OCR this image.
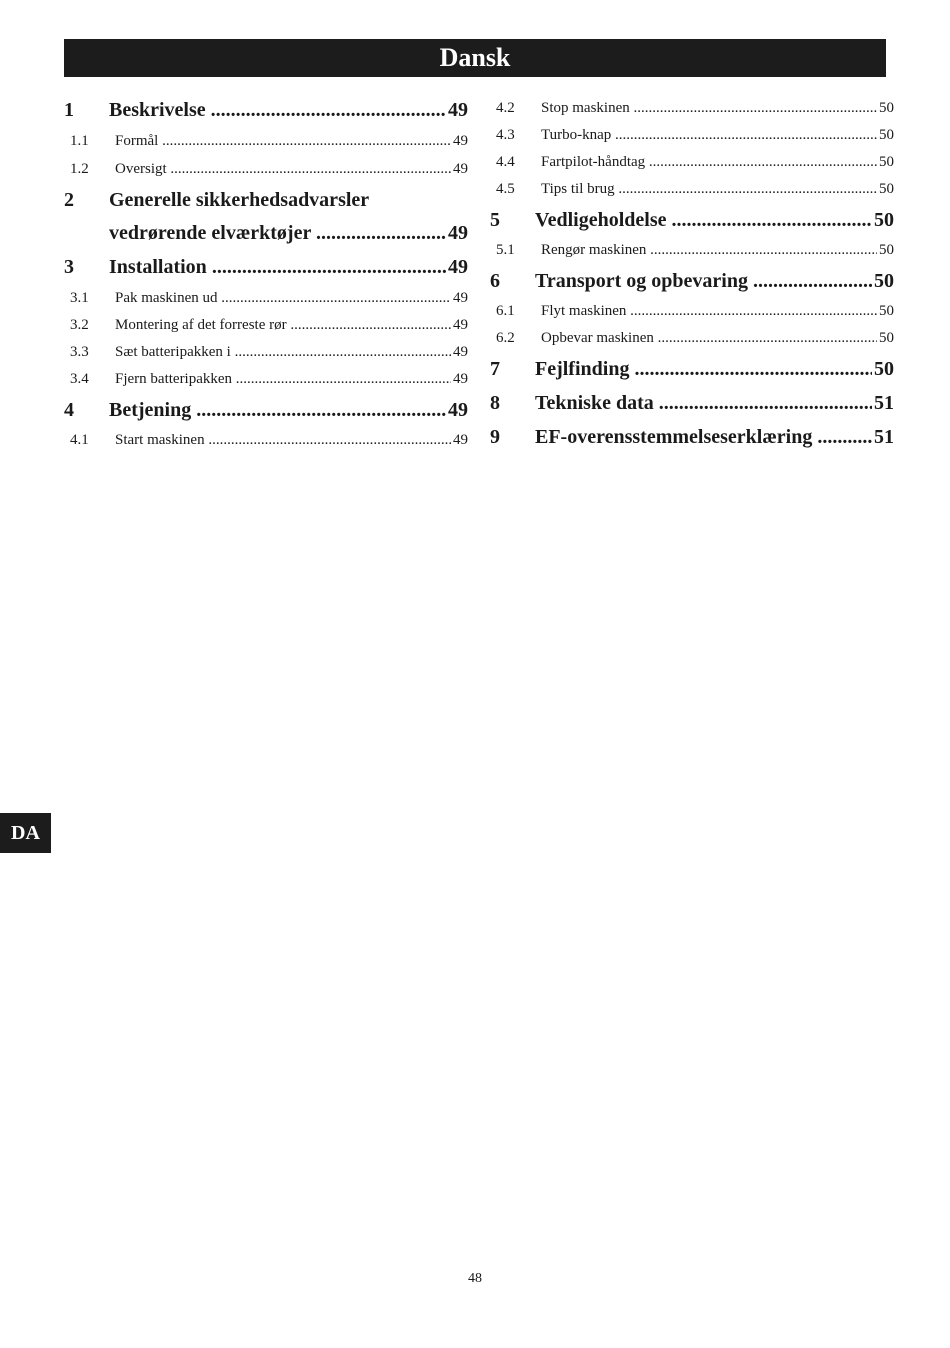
Dansk
1	Beskrivelse .....	49
1.1	Formål .....	49
1.2	Oversigt .....	49
2	Generelle sikkerhedsadvarsler
vedrørende elværktøjer .....	49
3	Installation .....	49
3.1	Pak maskinen ud .....	49
3.2	Montering af det forreste rør .....	49
3.3	Sæt batteripakken i .....	49
3.4	Fjern batteripakken .....	49
4	Betjening .....	49
4.1	Start maskinen .....	49
4.2	Stop maskinen .....	50
4.3	Turbo-knap .....	50
4.4	Fartpilot-håndtag .....	50
4.5	Tips til brug .....	50
5	Vedligeholdelse .....	50
5.1	Rengør maskinen .....	50
6	Transport og opbevaring .....	50
6.1	Flyt maskinen .....	50
6.2	Opbevar maskinen .....	50
7	Fejlfinding .....	50
8	Tekniske data .....	51
9	EF-overensstemmelseserklæring .....	51
DA
48
